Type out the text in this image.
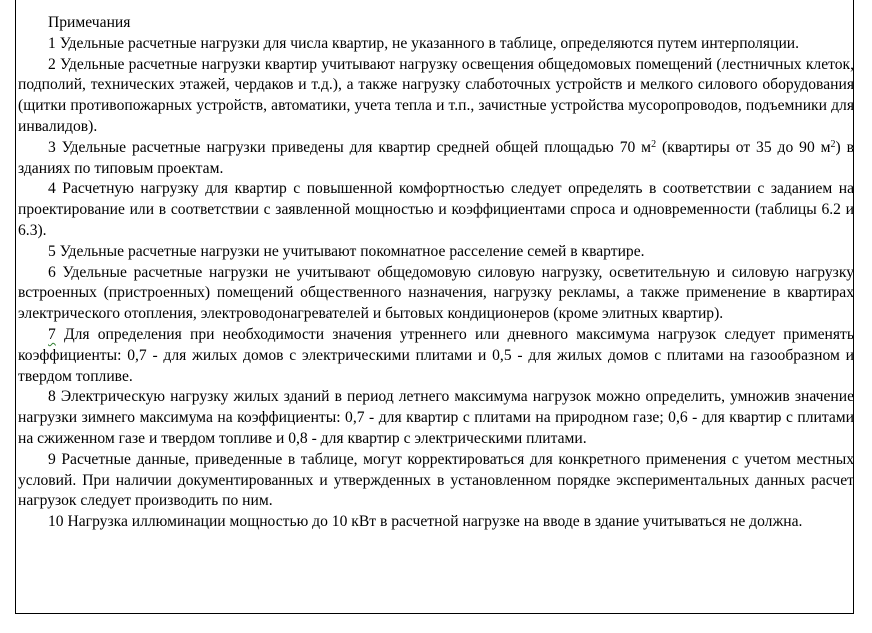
Примечания

1 Удельные расчетные нагрузки для числа квартир, не указанного в таблице, определяются путем интерполяции.

2 Удельные расчетные нагрузки квартир учитывают нагрузку освещения общедомовых помещений (лестничных клеток, подполий, технических этажей, чердаков и т.д.), а также нагрузку слаботочных устройств и мелкого силового оборудования (щитки противопожарных устройств, автоматики, учета тепла и т.п., зачистные устройства мусоропроводов, подъемники для инвалидов).

3 Удельные расчетные нагрузки приведены для квартир средней общей площадью 70 $м^2$ (квартиры от 35 до 90 $м^2$) в зданиях по типовым проектам.

4 Расчетную нагрузку для квартир с повышенной комфортностью следует определять в соответствии с заданием на проектирование или в соответствии с заявленной мощностью и коэффициентами спроса и одновременности (таблицы 6.2 и 6.3).

5 Удельные расчетные нагрузки не учитывают покомнатное расселение семей в квартире.

6 Удельные расчетные нагрузки не учитывают общедомовую силовую нагрузку, осветительную и силовую нагрузку встроенных (пристроенных) помещений общественного назначения, нагрузку рекламы, а также применение в квартирах электрического отопления, электроводонагревателей и бытовых кондиционеров (кроме элитных квартир).

7 Для определения при необходимости значения утреннего или дневного максимума нагрузок следует применять коэффициенты: 0,7 - для жилых домов с электрическими плитами и 0,5 - для жилых домов с плитами на газообразном и твердом топливе.

8 Электрическую нагрузку жилых зданий в период летнего максимума нагрузок можно определить, умножив значение нагрузки зимнего максимума на коэффициенты: 0,7 - для квартир с плитами на природном газе; 0,6 - для квартир с плитами на сжиженном газе и твердом топливе и 0,8 - для квартир с электрическими плитами.

9 Расчетные данные, приведенные в таблице, могут корректироваться для конкретного применения с учетом местных условий. При наличии документированных и утвержденных в установленном порядке экспериментальных данных расчет нагрузок следует производить по ним.

10 Нагрузка иллюминации мощностью до 10 кВт в расчетной нагрузке на вводе в здание учитываться не должна.
